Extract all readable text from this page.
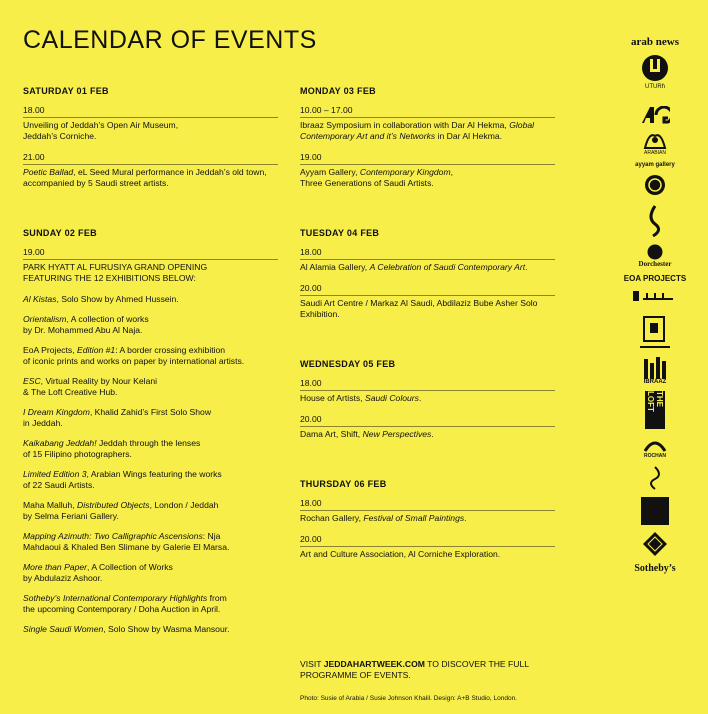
CALENDAR OF EVENTS
SATURDAY 01 FEB
18.00
Unveiling of Jeddah’s Open Air Museum,
Jeddah’s Corniche.
21.00
Poetic Ballad, eL Seed Mural performance in Jeddah’s old town, accompanied by 5 Saudi street artists.
SUNDAY 02 FEB
19.00
PARK HYATT AL FURUSIYA GRAND OPENING
FEATURING THE 12 EXHIBITIONS BELOW:
Al Kistas, Solo Show by Ahmed Hussein.
Orientalism, A collection of works
by Dr. Mohammed Abu Al Naja.
EoA Projects, Edition #1: A border crossing exhibition
of iconic prints and works on paper by international artists.
ESC, Virtual Reality by Nour Kelani
& The Loft Creative Hub.
I Dream Kingdom, Khalid Zahid’s First Solo Show
in Jeddah.
Kaikabang Jeddah! Jeddah through the lenses
of 15 Filipino photographers.
Limited Edition 3, Arabian Wings featuring the works
of 22 Saudi Artists.
Maha Malluh, Distributed Objects, London / Jeddah
by Selma Feriani Gallery.
Mapping Azimuth: Two Calligraphic Ascensions: Nja
Mahdaoui & Khaled Ben Slimane by Galerie El Marsa.
More than Paper, A Collection of Works
by Abdulaziz Ashoor.
Sotheby’s International Contemporary Highlights from
the upcoming Contemporary / Doha Auction in April.
Single Saudi Women, Solo Show by Wasma Mansour.
MONDAY 03 FEB
10.00 – 17.00
Ibraaz Symposium in collaboration with Dar Al Hekma, Global Contemporary Art and it’s Networks in Dar Al Hekma.
19.00
Ayyam Gallery, Contemporary Kingdom,
Three Generations of Saudi Artists.
TUESDAY 04 FEB
18.00
Al Alamia Gallery, A Celebration of Saudi Contemporary Art.
20.00
Saudi Art Centre / Markaz Al Saudi, Abdilaziz Bube Asher Solo Exhibition.
WEDNESDAY 05 FEB
18.00
House of Artists, Saudi Colours.
20.00
Dama Art, Shift, New Perspectives.
THURSDAY 06 FEB
18.00
Rochan Gallery, Festival of Small Paintings.
20.00
Art and Culture Association, Al Corniche Exploration.
VISIT JEDDAHARTWEEK.COM TO DISCOVER THE FULL PROGRAMME OF EVENTS.
Photo: Susie of Arabia / Susie Johnson Khalil. Design: A+B Studio, London.
arab news
UTURɦ
ARABIAN
ayyam gallery
Dorchester
EOA PROJECTS
IBRAAZ
THE LOFT
ROCHAN
Sotheby’s
